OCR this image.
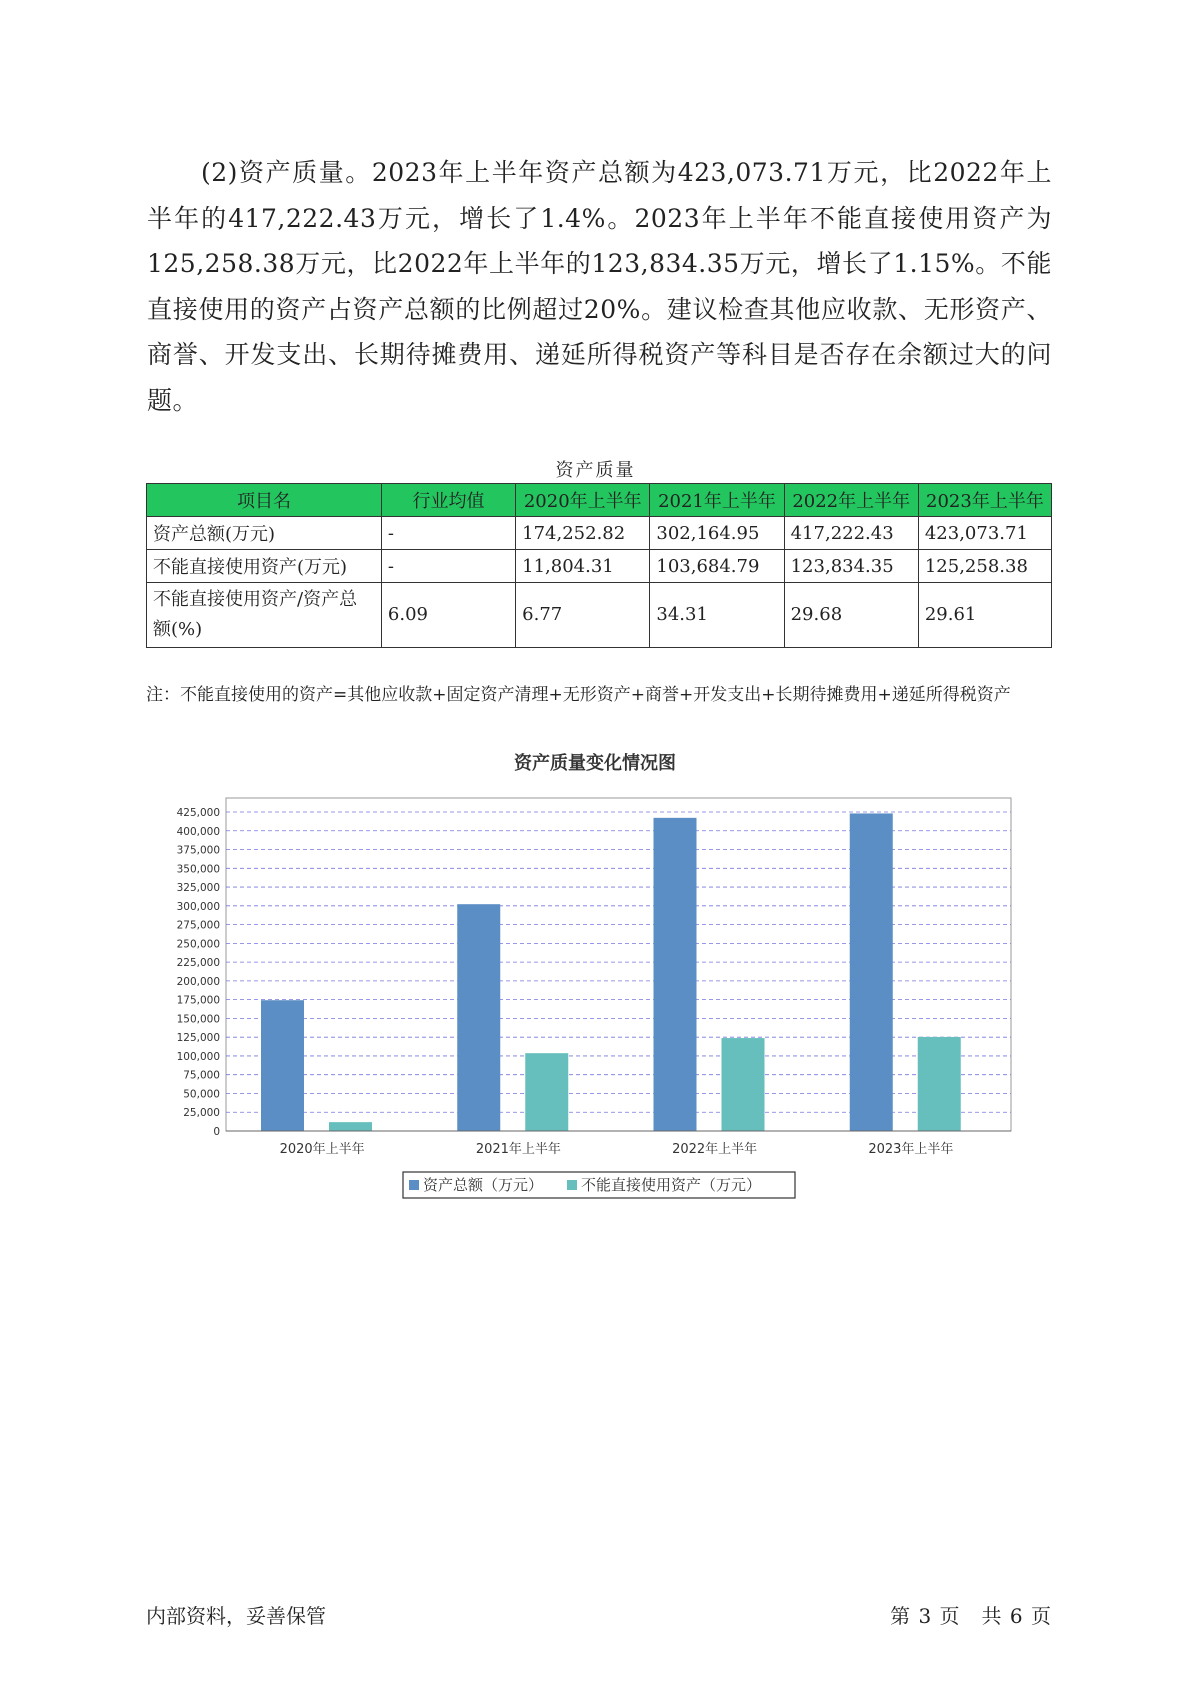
(2)资产质量。2023年上半年资产总额为423,073.71万元，比2022年上半年的417,222.43万元，增长了1.4%。2023年上半年不能直接使用资产为125,258.38万元，比2022年上半年的123,834.35万元，增长了1.15%。不能直接使用的资产占资产总额的比例超过20%。建议检查其他应收款、无形资产、商誉、开发支出、长期待摊费用、递延所得税资产等科目是否存在余额过大的问题。

资产质量
项目名	行业均值	2020年上半年	2021年上半年	2022年上半年	2023年上半年
资产总额(万元)	-	174,252.82	302,164.95	417,222.43	423,073.71
不能直接使用资产(万元)	-	11,804.31	103,684.79	123,834.35	125,258.38
不能直接使用资产/资产总额(%)	6.09	6.77	34.31	29.68	29.61
注：不能直接使用的资产=其他应收款+固定资产清理+无形资产+商誉+开发支出+长期待摊费用+递延所得税资产
资产质量变化情况图
0
25,000
50,000
75,000
100,000
125,000
150,000
175,000
200,000
225,000
250,000
275,000
300,000
325,000
350,000
375,000
400,000
425,000
2020年上半年	2021年上半年	2022年上半年	2023年上半年
资产总额（万元）	不能直接使用资产（万元）
内部资料，妥善保管	第 3 页　共 6 页
